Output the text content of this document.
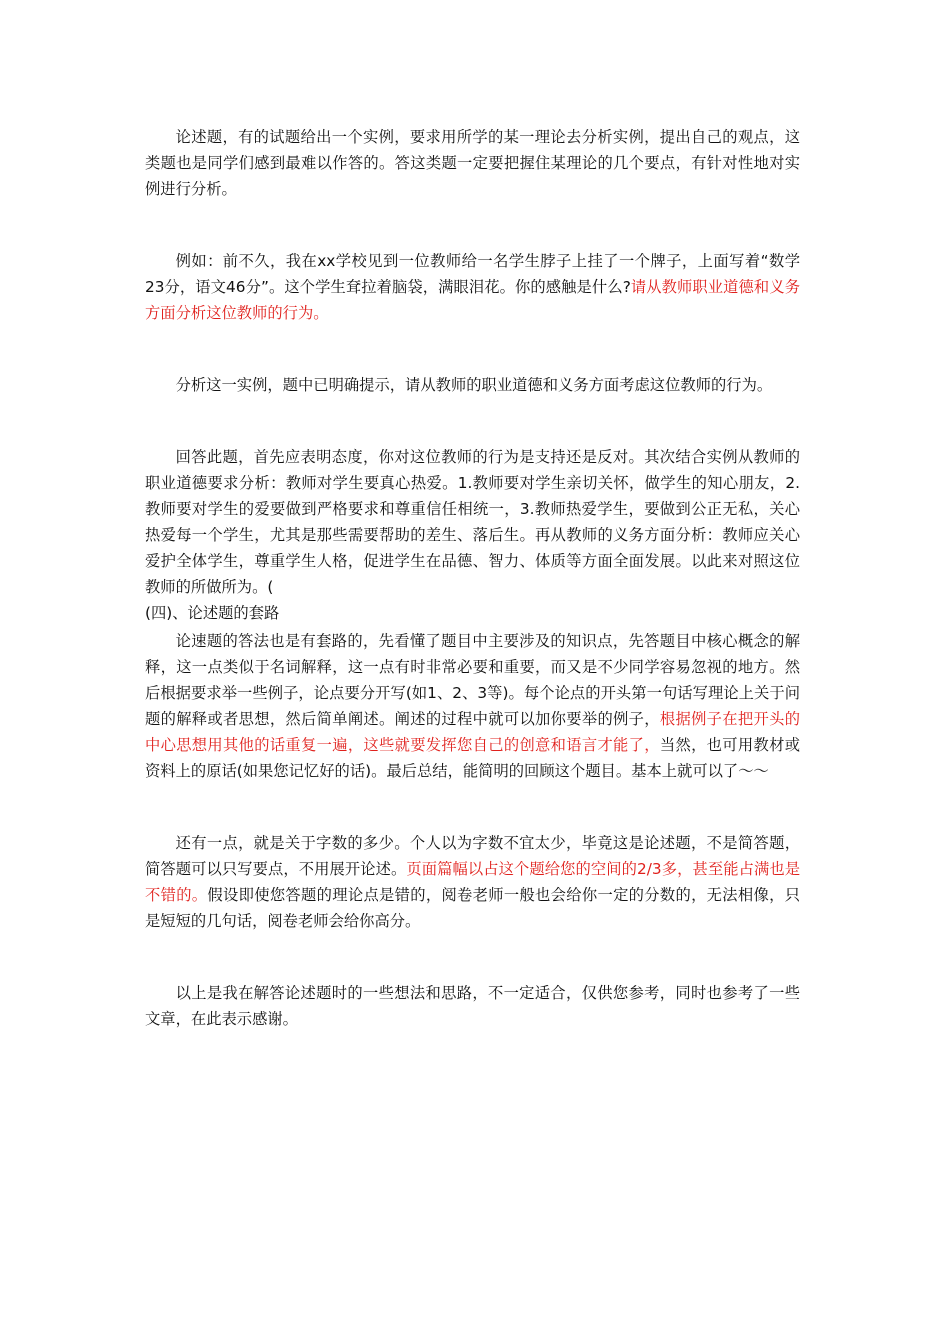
论述题，有的试题给出一个实例，要求用所学的某一理论去分析实例，提出自己的观点，这类题也是同学们感到最难以作答的。答这类题一定要把握住某理论的几个要点，有针对性地对实例进行分析。

例如：前不久，我在xx学校见到一位教师给一名学生脖子上挂了一个牌子，上面写着“数学23分，语文46分”。这个学生耷拉着脑袋，满眼泪花。你的感触是什么?请从教师职业道德和义务方面分析这位教师的行为。

分析这一实例，题中已明确提示，请从教师的职业道德和义务方面考虑这位教师的行为。

回答此题，首先应表明态度，你对这位教师的行为是支持还是反对。其次结合实例从教师的职业道德要求分析：教师对学生要真心热爱。1.教师要对学生亲切关怀，做学生的知心朋友，2.教师要对学生的爱要做到严格要求和尊重信任相统一，3.教师热爱学生，要做到公正无私，关心热爱每一个学生，尤其是那些需要帮助的差生、落后生。再从教师的义务方面分析：教师应关心爱护全体学生，尊重学生人格，促进学生在品德、智力、体质等方面全面发展。以此来对照这位教师的所做所为。(

(四)、论述题的套路

论速题的答法也是有套路的，先看懂了题目中主要涉及的知识点，先答题目中核心概念的解释，这一点类似于名词解释，这一点有时非常必要和重要，而又是不少同学容易忽视的地方。然后根据要求举一些例子，论点要分开写(如1、2、3等)。每个论点的开头第一句话写理论上关于问题的解释或者思想，然后简单阐述。阐述的过程中就可以加你要举的例子，根据例子在把开头的中心思想用其他的话重复一遍，这些就要发挥您自己的创意和语言才能了，当然，也可用教材或资料上的原话(如果您记忆好的话)。最后总结，能简明的回顾这个题目。基本上就可以了～～

还有一点，就是关于字数的多少。个人以为字数不宜太少，毕竟这是论述题，不是简答题，简答题可以只写要点，不用展开论述。页面篇幅以占这个题给您的空间的2/3多，甚至能占满也是不错的。假设即使您答题的理论点是错的，阅卷老师一般也会给你一定的分数的，无法相像，只是短短的几句话，阅卷老师会给你高分。

以上是我在解答论述题时的一些想法和思路，不一定适合，仅供您参考，同时也参考了一些文章，在此表示感谢。
